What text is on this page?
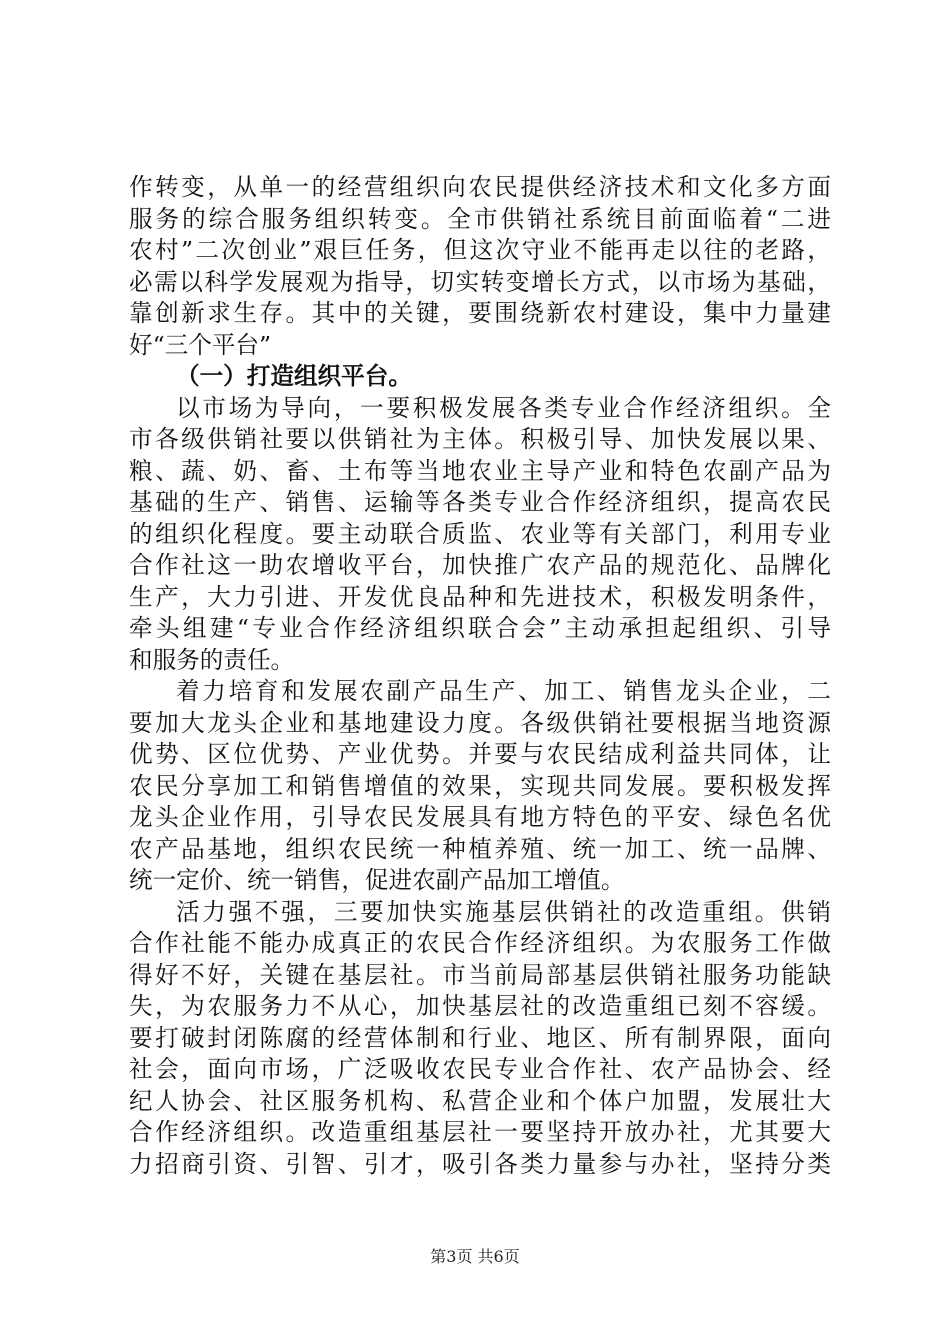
作转变，从单一的经营组织向农民提供经济技术和文化多方面
服务的综合服务组织转变。全市供销社系统目前面临着“二进
农村”二次创业”艰巨任务，但这次守业不能再走以往的老路，
必需以科学发展观为指导，切实转变增长方式，以市场为基础，
靠创新求生存。其中的关键，要围绕新农村建设，集中力量建
好“三个平台”
（一）打造组织平台。
以市场为导向，一要积极发展各类专业合作经济组织。全
市各级供销社要以供销社为主体。积极引导、加快发展以果、
粮、蔬、奶、畜、土布等当地农业主导产业和特色农副产品为
基础的生产、销售、运输等各类专业合作经济组织，提高农民
的组织化程度。要主动联合质监、农业等有关部门，利用专业
合作社这一助农增收平台，加快推广农产品的规范化、品牌化
生产，大力引进、开发优良品种和先进技术，积极发明条件，
牵头组建“专业合作经济组织联合会”主动承担起组织、引导
和服务的责任。
着力培育和发展农副产品生产、加工、销售龙头企业，二
要加大龙头企业和基地建设力度。各级供销社要根据当地资源
优势、区位优势、产业优势。并要与农民结成利益共同体，让
农民分享加工和销售增值的效果，实现共同发展。要积极发挥
龙头企业作用，引导农民发展具有地方特色的平安、绿色名优
农产品基地，组织农民统一种植养殖、统一加工、统一品牌、
统一定价、统一销售，促进农副产品加工增值。
活力强不强，三要加快实施基层供销社的改造重组。供销
合作社能不能办成真正的农民合作经济组织。为农服务工作做
得好不好，关键在基层社。市当前局部基层供销社服务功能缺
失，为农服务力不从心，加快基层社的改造重组已刻不容缓。
要打破封闭陈腐的经营体制和行业、地区、所有制界限，面向
社会，面向市场，广泛吸收农民专业合作社、农产品协会、经
纪人协会、社区服务机构、私营企业和个体户加盟，发展壮大
合作经济组织。改造重组基层社一要坚持开放办社，尤其要大
力招商引资、引智、引才，吸引各类力量参与办社，坚持分类
第3页 共6页
